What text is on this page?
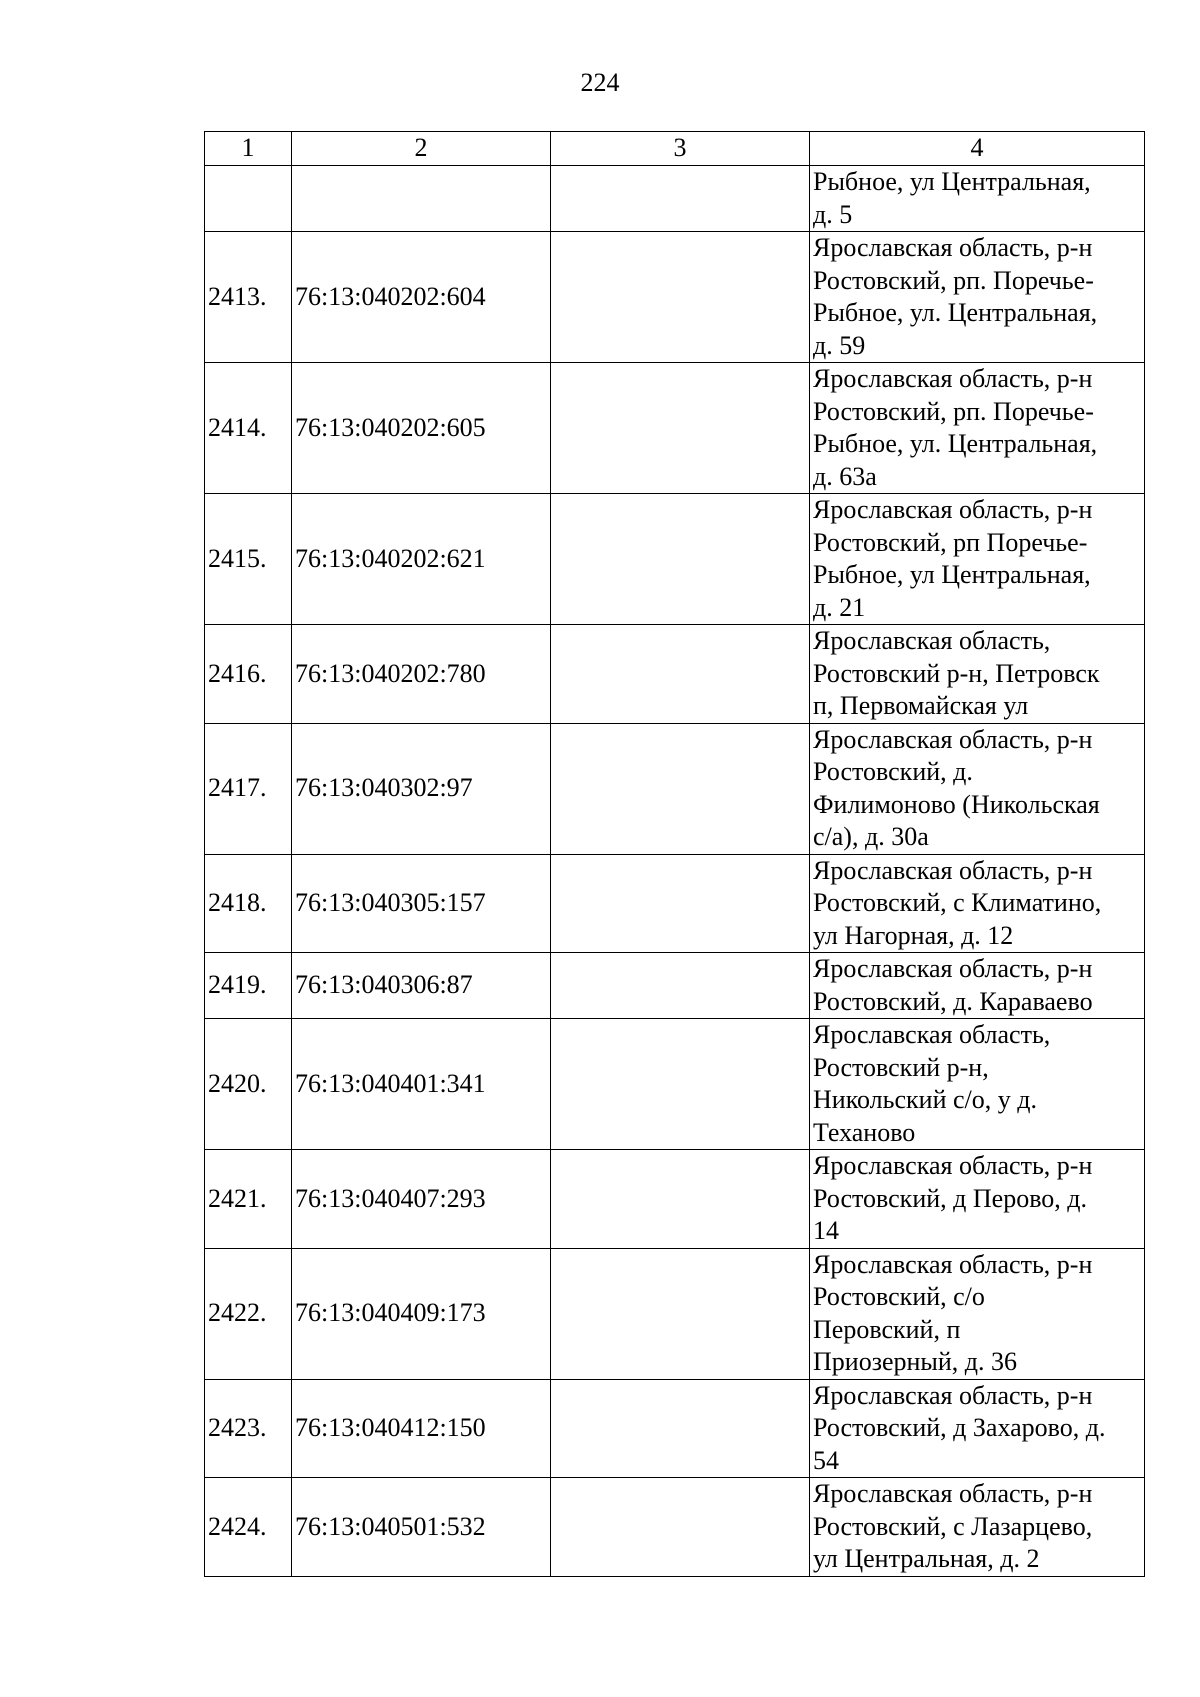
224
1	2	3	4

			Рыбное, ул Центральная,
д. 5

2413.	76:13:040202:604		Ярославская область, р-н
Ростовский, рп. Поречье-
Рыбное, ул. Центральная,
д. 59

2414.	76:13:040202:605		Ярославская область, р-н
Ростовский, рп. Поречье-
Рыбное, ул. Центральная,
д. 63а

2415.	76:13:040202:621		Ярославская область, р-н
Ростовский, рп Поречье-
Рыбное, ул Центральная,
д. 21

2416.	76:13:040202:780		Ярославская область,
Ростовский р-н, Петровск
п, Первомайская ул

2417.	76:13:040302:97		Ярославская область, р-н
Ростовский, д.
Филимоново (Никольская
с/а), д. 30а

2418.	76:13:040305:157		Ярославская область, р-н
Ростовский, с Климатино,
ул Нагорная, д. 12

2419.	76:13:040306:87		Ярославская область, р-н
Ростовский, д. Караваево

2420.	76:13:040401:341		Ярославская область,
Ростовский р-н,
Никольский с/о, у д.
Теханово

2421.	76:13:040407:293		Ярославская область, р-н
Ростовский, д Перово, д.
14

2422.	76:13:040409:173		Ярославская область, р-н
Ростовский, с/о
Перовский, п
Приозерный, д. 36

2423.	76:13:040412:150		Ярославская область, р-н
Ростовский, д Захарово, д.
54

2424.	76:13:040501:532		Ярославская область, р-н
Ростовский, с Лазарцево,
ул Центральная, д. 2
